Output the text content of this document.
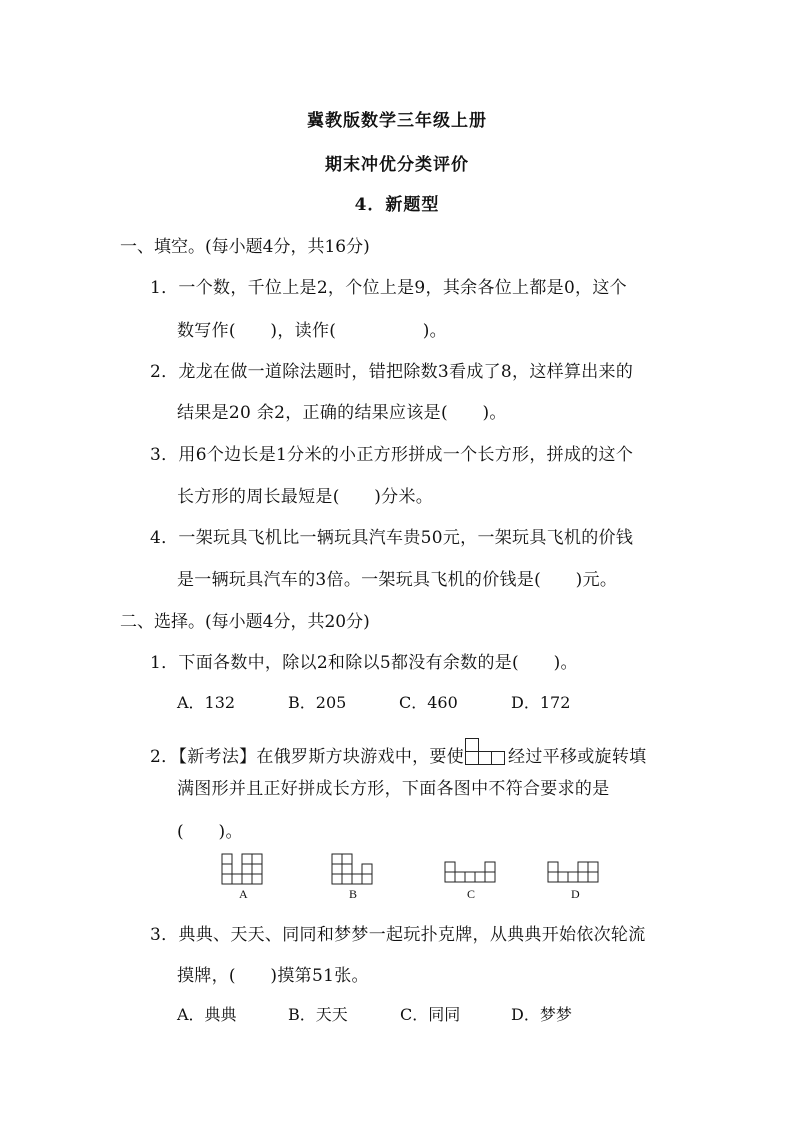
冀教版数学三年级上册
期末冲优分类评价
4．新题型
一、填空。(每小题4分，共16分)
1．一个数，千位上是2，个位上是9，其余各位上都是0，这个
数写作(　　)，读作(　　　　　)。
2．龙龙在做一道除法题时，错把除数3看成了8，这样算出来的
结果是20 余2，正确的结果应该是(　　)。
3．用6个边长是1分米的小正方形拼成一个长方形，拼成的这个
长方形的周长最短是(　　)分米。
4．一架玩具飞机比一辆玩具汽车贵50元，一架玩具飞机的价钱
是一辆玩具汽车的3倍。一架玩具飞机的价钱是(　　)元。
二、选择。(每小题4分，共20分)
1．下面各数中，除以2和除以5都没有余数的是(　　)。
A．132	B．205	C．460	D．172
2．【新考法】在俄罗斯方块游戏中，要使	经过平移或旋转填
满图形并且正好拼成长方形，下面各图中不符合要求的是
(　　)。
A	B	C	D
3．典典、天天、同同和梦梦一起玩扑克牌，从典典开始依次轮流
摸牌，(　　)摸第51张。
A．典典	B．天天	C．同同	D．梦梦
